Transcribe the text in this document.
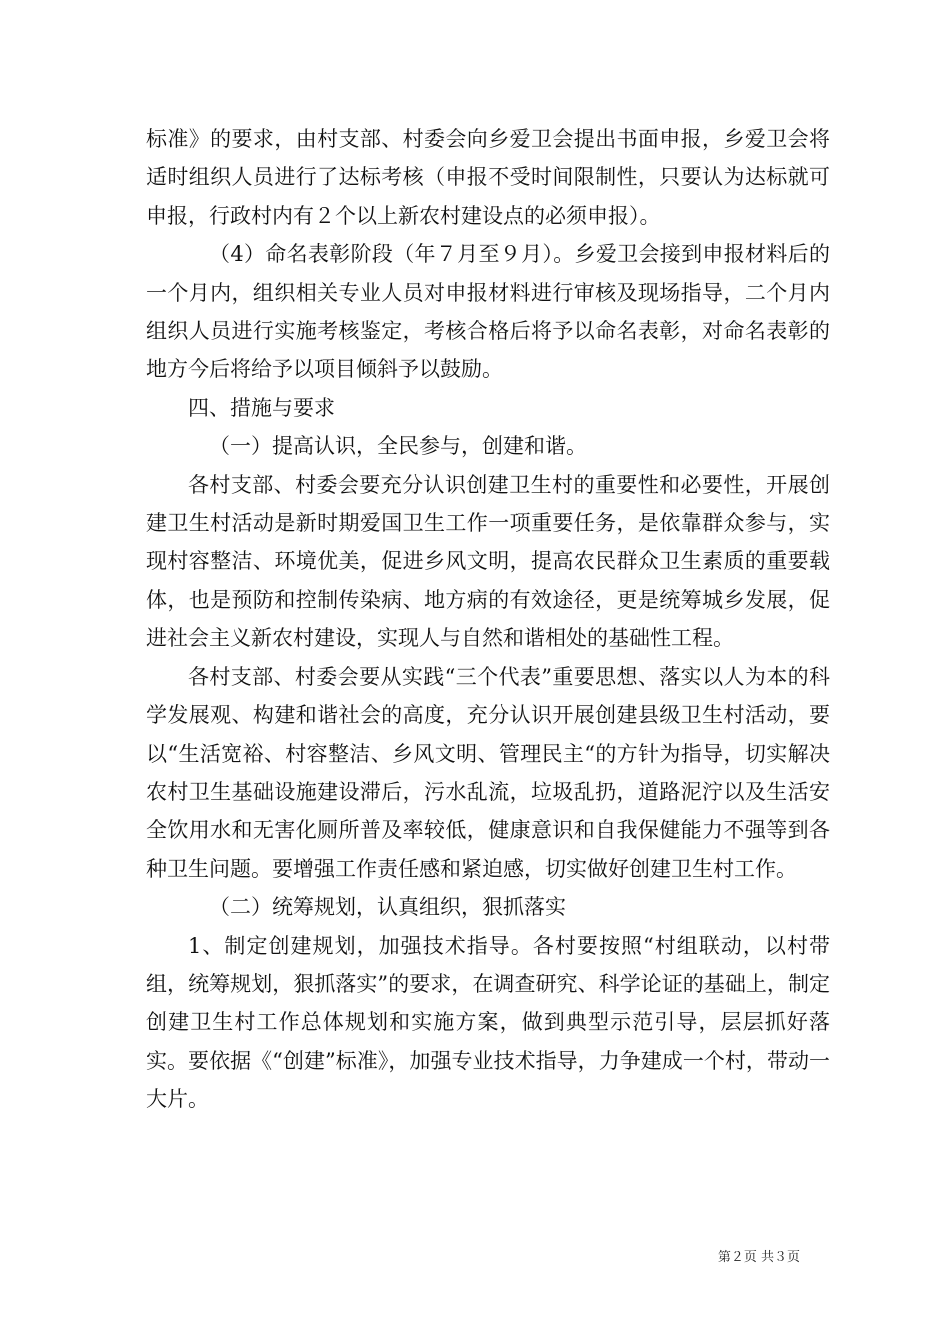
标准》的要求，由村支部、村委会向乡爱卫会提出书面申报，乡爱卫会将适时组织人员进行了达标考核（申报不受时间限制性，只要认为达标就可申报，行政村内有２个以上新农村建设点的必须申报）。

（4）命名表彰阶段（年７月至９月）。乡爱卫会接到申报材料后的一个月内，组织相关专业人员对申报材料进行审核及现场指导，二个月内组织人员进行实施考核鉴定，考核合格后将予以命名表彰，对命名表彰的地方今后将给予以项目倾斜予以鼓励。

四、措施与要求

（一）提高认识，全民参与，创建和谐。

各村支部、村委会要充分认识创建卫生村的重要性和必要性，开展创建卫生村活动是新时期爱国卫生工作一项重要任务，是依靠群众参与，实现村容整洁、环境优美，促进乡风文明，提高农民群众卫生素质的重要载体，也是预防和控制传染病、地方病的有效途径，更是统筹城乡发展，促进社会主义新农村建设，实现人与自然和谐相处的基础性工程。

各村支部、村委会要从实践“三个代表”重要思想、落实以人为本的科学发展观、构建和谐社会的高度，充分认识开展创建县级卫生村活动，要以“生活宽裕、村容整洁、乡风文明、管理民主“的方针为指导，切实解决农村卫生基础设施建设滞后，污水乱流，垃圾乱扔，道路泥泞以及生活安全饮用水和无害化厕所普及率较低，健康意识和自我保健能力不强等到各种卫生问题。要增强工作责任感和紧迫感，切实做好创建卫生村工作。

（二）统筹规划，认真组织，狠抓落实

1、制定创建规划，加强技术指导。各村要按照“村组联动，以村带组，统筹规划，狠抓落实”的要求，在调查研究、科学论证的基础上，制定创建卫生村工作总体规划和实施方案，做到典型示范引导，层层抓好落实。要依据《“创建”标准》，加强专业技术指导，力争建成一个村，带动一大片。

第２页 共３页
